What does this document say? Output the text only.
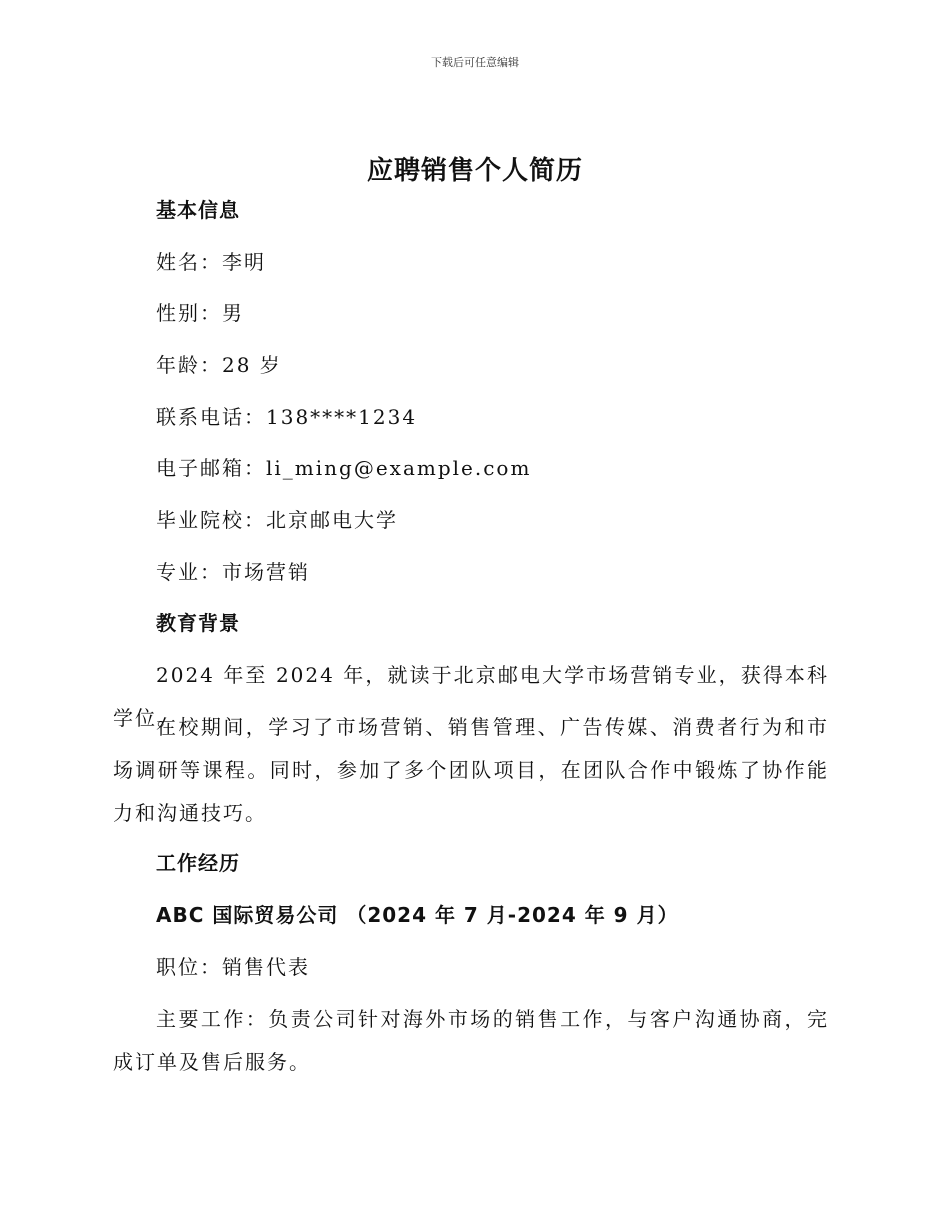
下载后可任意编辑
应聘销售个人简历
基本信息
姓名：李明
性别：男
年龄：28 岁
联系电话：138****1234
电子邮箱：li_ming@example.com
毕业院校：北京邮电大学
专业：市场营销
教育背景
2024 年至 2024 年，就读于北京邮电大学市场营销专业，获得本科学位。
在校期间，学习了市场营销、销售管理、广告传媒、消费者行为和市场调研等课程。同时，参加了多个团队项目，在团队合作中锻炼了协作能力和沟通技巧。
工作经历
ABC 国际贸易公司 （2024 年 7 月-2024 年 9 月）
职位：销售代表
主要工作：负责公司针对海外市场的销售工作，与客户沟通协商，完成订单及售后服务。
